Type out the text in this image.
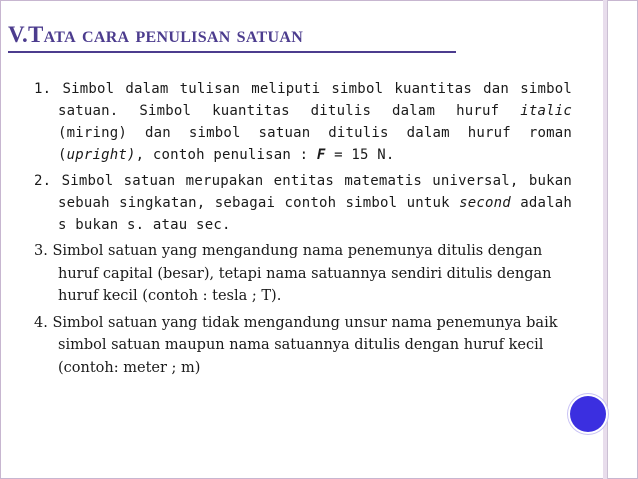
V.Tata cara penulisan satuan
1. Simbol dalam tulisan meliputi simbol kuantitas dan simbol satuan. Simbol kuantitas ditulis dalam huruf italic (miring) dan simbol satuan ditulis dalam huruf roman (upright), contoh penulisan : F = 15 N.
2. Simbol satuan merupakan entitas matematis universal, bukan sebuah singkatan, sebagai contoh simbol untuk second adalah s bukan s. atau sec.
3. Simbol satuan yang mengandung nama penemunya ditulis dengan huruf capital (besar), tetapi nama satuannya sendiri ditulis dengan huruf kecil (contoh : tesla ; T).
4. Simbol satuan yang tidak mengandung unsur nama penemunya baik simbol satuan maupun nama satuannya ditulis dengan huruf kecil (contoh: meter ; m)
